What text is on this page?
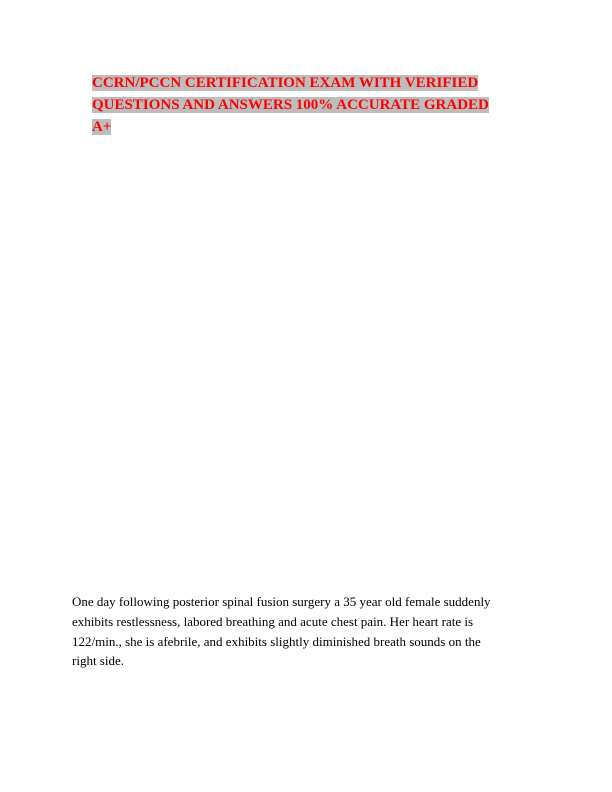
CCRN/PCCN CERTIFICATION EXAM WITH VERIFIED
QUESTIONS AND ANSWERS 100% ACCURATE GRADED
A+
One day following posterior spinal fusion surgery a 35 year old female suddenly
exhibits restlessness, labored breathing and acute chest pain. Her heart rate is
122/min., she is afebrile, and exhibits slightly diminished breath sounds on the
right side.
